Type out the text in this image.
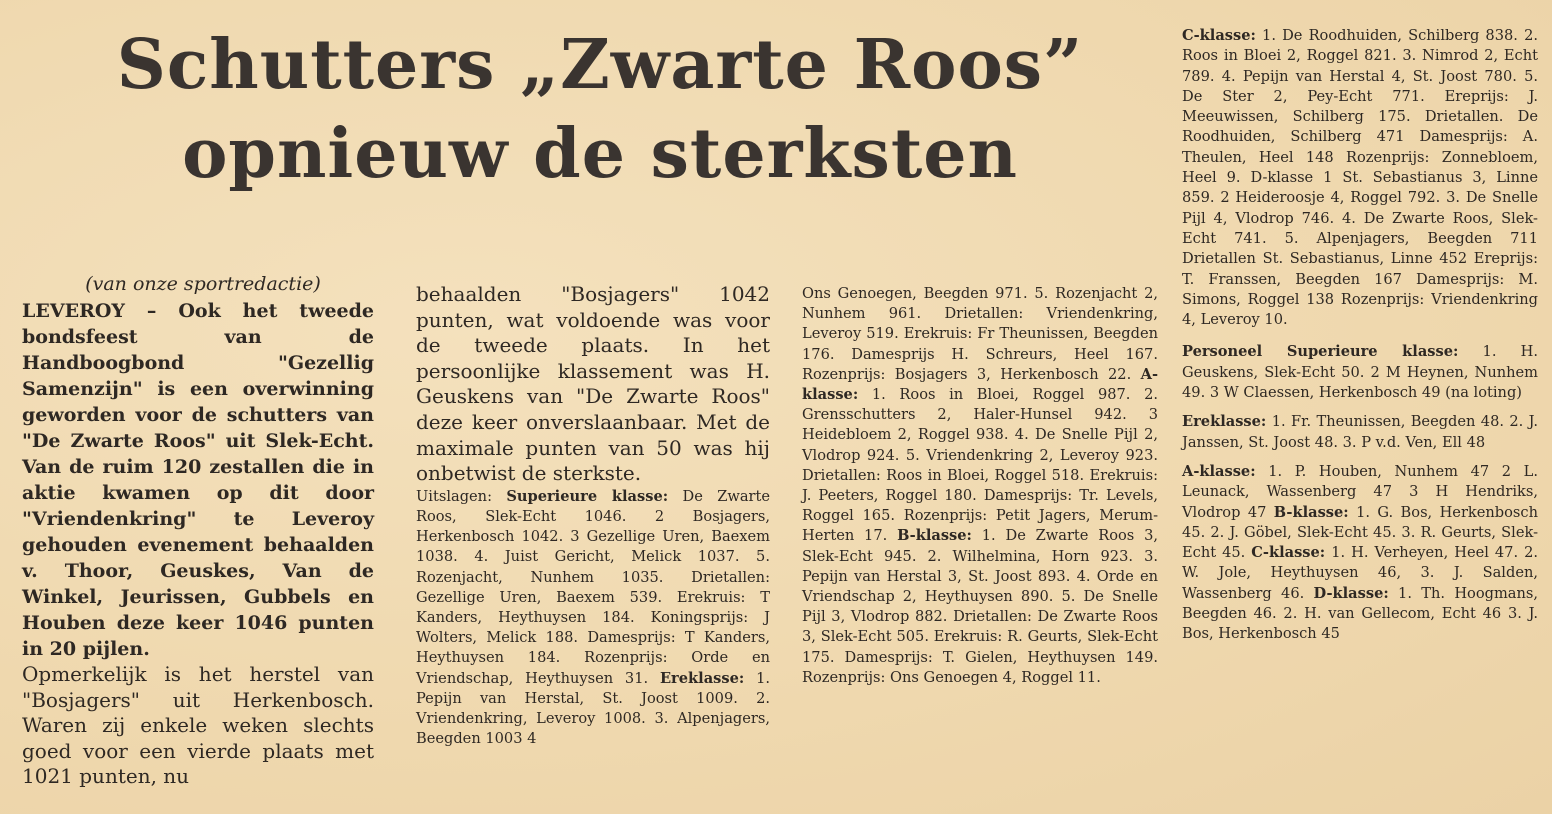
Schutters „Zwarte Roos”
opnieuw de sterksten

(van onze sportredactie)

LEVEROY – Ook het tweede bondsfeest van de Handboogbond "Gezellig Samenzijn" is een overwinning geworden voor de schutters van "De Zwarte Roos" uit Slek-Echt. Van de ruim 120 zestallen die in aktie kwamen op dit door "Vriendenkring" te Leveroy gehouden evenement behaalden v. Thoor, Geuskes, Van de Winkel, Jeurissen, Gubbels en Houben deze keer 1046 punten in 20 pijlen.

Opmerkelijk is het herstel van "Bosjagers" uit Herkenbosch. Waren zij enkele weken slechts goed voor een vierde plaats met 1021 punten, nu

behaalden "Bosjagers" 1042 punten, wat voldoende was voor de tweede plaats. In het persoonlijke klassement was H. Geuskens van "De Zwarte Roos" deze keer onverslaanbaar. Met de maximale punten van 50 was hij onbetwist de sterkste.

Uitslagen: Superieure klasse: De Zwarte Roos, Slek-Echt 1046. 2 Bosjagers, Herkenbosch 1042. 3 Gezellige Uren, Baexem 1038. 4. Juist Gericht, Melick 1037. 5. Rozenjacht, Nunhem 1035. Drietallen: Gezellige Uren, Baexem 539. Erekruis: T Kanders, Heythuysen 184. Koningsprijs: J Wolters, Melick 188. Damesprijs: T Kanders, Heythuysen 184. Rozenprijs: Orde en Vriendschap, Heythuysen 31. Ereklasse: 1. Pepijn van Herstal, St. Joost 1009. 2. Vriendenkring, Leveroy 1008. 3. Alpenjagers, Beegden 1003 4

Ons Genoegen, Beegden 971. 5. Rozenjacht 2, Nunhem 961. Drietallen: Vriendenkring, Leveroy 519. Erekruis: Fr Theunissen, Beegden 176. Damesprijs H. Schreurs, Heel 167. Rozenprijs: Bosjagers 3, Herkenbosch 22. A-klasse: 1. Roos in Bloei, Roggel 987. 2. Grensschutters 2, Haler-Hunsel 942. 3 Heidebloem 2, Roggel 938. 4. De Snelle Pijl 2, Vlodrop 924. 5. Vriendenkring 2, Leveroy 923. Drietallen: Roos in Bloei, Roggel 518. Erekruis: J. Peeters, Roggel 180. Damesprijs: Tr. Levels, Roggel 165. Rozenprijs: Petit Jagers, Merum-Herten 17. B-klasse: 1. De Zwarte Roos 3, Slek-Echt 945. 2. Wilhelmina, Horn 923. 3. Pepijn van Herstal 3, St. Joost 893. 4. Orde en Vriendschap 2, Heythuysen 890. 5. De Snelle Pijl 3, Vlodrop 882. Drietallen: De Zwarte Roos 3, Slek-Echt 505. Erekruis: R. Geurts, Slek-Echt 175. Damesprijs: T. Gielen, Heythuysen 149. Rozenprijs: Ons Genoegen 4, Roggel 11.

C-klasse: 1. De Roodhuiden, Schilberg 838. 2. Roos in Bloei 2, Roggel 821. 3. Nimrod 2, Echt 789. 4. Pepijn van Herstal 4, St. Joost 780. 5. De Ster 2, Pey-Echt 771. Ereprijs: J. Meeuwissen, Schilberg 175. Drietallen. De Roodhuiden, Schilberg 471 Damesprijs: A. Theulen, Heel 148 Rozenprijs: Zonnebloem, Heel 9. D-klasse 1 St. Sebastianus 3, Linne 859. 2 Heideroosje 4, Roggel 792. 3. De Snelle Pijl 4, Vlodrop 746. 4. De Zwarte Roos, Slek-Echt 741. 5. Alpenjagers, Beegden 711 Drietallen St. Sebastianus, Linne 452 Ereprijs: T. Franssen, Beegden 167 Damesprijs: M. Simons, Roggel 138 Rozenprijs: Vriendenkring 4, Leveroy 10.

Personeel Superieure klasse: 1. H. Geuskens, Slek-Echt 50. 2 M Heynen, Nunhem 49. 3 W Claessen, Herkenbosch 49 (na loting)

Ereklasse: 1. Fr. Theunissen, Beegden 48. 2. J. Janssen, St. Joost 48. 3. P v.d. Ven, Ell 48

A-klasse: 1. P. Houben, Nunhem 47 2 L. Leunack, Wassenberg 47 3 H Hendriks, Vlodrop 47 B-klasse: 1. G. Bos, Herkenbosch 45. 2. J. Göbel, Slek-Echt 45. 3. R. Geurts, Slek-Echt 45. C-klasse: 1. H. Verheyen, Heel 47. 2. W. Jole, Heythuysen 46, 3. J. Salden, Wassenberg 46. D-klasse: 1. Th. Hoogmans, Beegden 46. 2. H. van Gellecom, Echt 46 3. J. Bos, Herkenbosch 45
